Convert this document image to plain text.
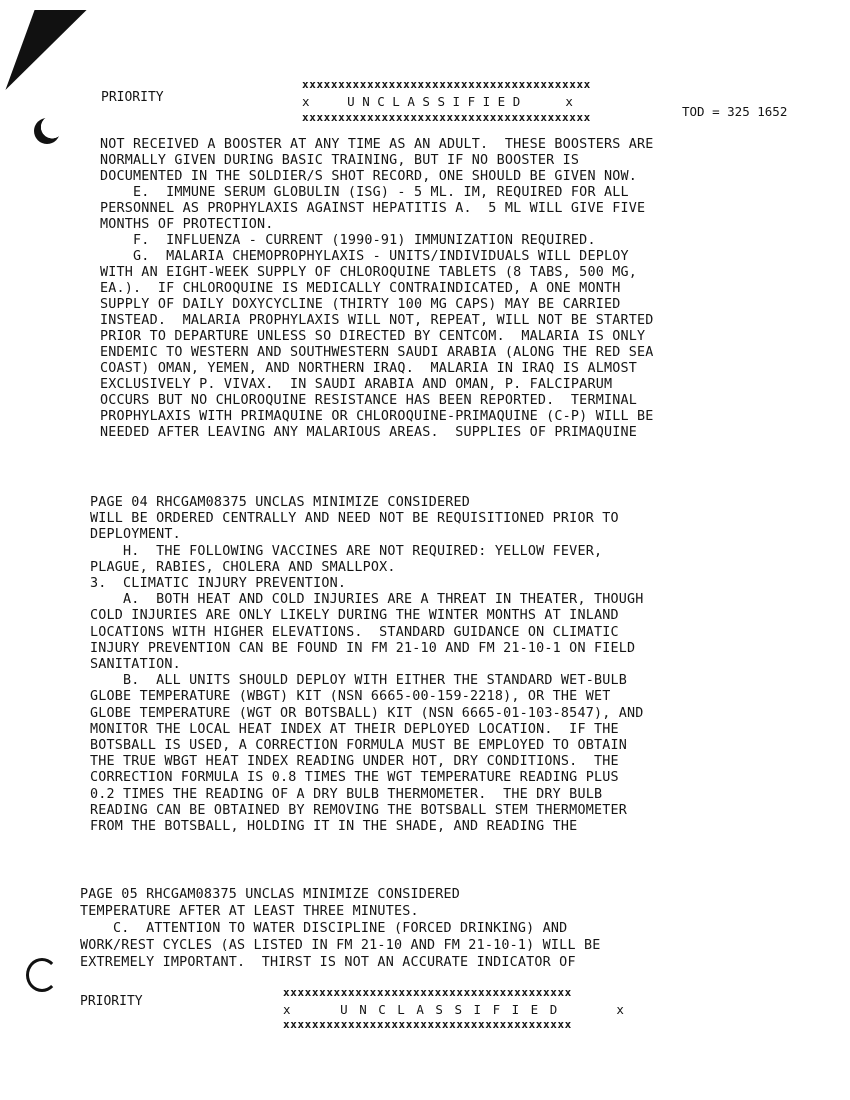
PRIORITY
xxxxxxxxxxxxxxxxxxxxxxxxxxxxxxxxxxxxxxxx
x     U N C L A S S I F I E D      x
xxxxxxxxxxxxxxxxxxxxxxxxxxxxxxxxxxxxxxxx	TOD = 325 1652
NOT RECEIVED A BOOSTER AT ANY TIME AS AN ADULT.  THESE BOOSTERS ARE
NORMALLY GIVEN DURING BASIC TRAINING, BUT IF NO BOOSTER IS
DOCUMENTED IN THE SOLDIER/S SHOT RECORD, ONE SHOULD BE GIVEN NOW.
E.  IMMUNE SERUM GLOBULIN (ISG) - 5 ML. IM, REQUIRED FOR ALL
PERSONNEL AS PROPHYLAXIS AGAINST HEPATITIS A.  5 ML WILL GIVE FIVE
MONTHS OF PROTECTION.
F.  INFLUENZA - CURRENT (1990-91) IMMUNIZATION REQUIRED.
G.  MALARIA CHEMOPROPHYLAXIS - UNITS/INDIVIDUALS WILL DEPLOY
WITH AN EIGHT-WEEK SUPPLY OF CHLOROQUINE TABLETS (8 TABS, 500 MG,
EA.).  IF CHLOROQUINE IS MEDICALLY CONTRAINDICATED, A ONE MONTH
SUPPLY OF DAILY DOXYCYCLINE (THIRTY 100 MG CAPS) MAY BE CARRIED
INSTEAD.  MALARIA PROPHYLAXIS WILL NOT, REPEAT, WILL NOT BE STARTED
PRIOR TO DEPARTURE UNLESS SO DIRECTED BY CENTCOM.  MALARIA IS ONLY
ENDEMIC TO WESTERN AND SOUTHWESTERN SAUDI ARABIA (ALONG THE RED SEA
COAST) OMAN, YEMEN, AND NORTHERN IRAQ.  MALARIA IN IRAQ IS ALMOST
EXCLUSIVELY P. VIVAX.  IN SAUDI ARABIA AND OMAN, P. FALCIPARUM
OCCURS BUT NO CHLOROQUINE RESISTANCE HAS BEEN REPORTED.  TERMINAL
PROPHYLAXIS WITH PRIMAQUINE OR CHLOROQUINE-PRIMAQUINE (C-P) WILL BE
NEEDED AFTER LEAVING ANY MALARIOUS AREAS.  SUPPLIES OF PRIMAQUINE
PAGE 04 RHCGAM08375 UNCLAS MINIMIZE CONSIDERED
WILL BE ORDERED CENTRALLY AND NEED NOT BE REQUISITIONED PRIOR TO
DEPLOYMENT.
H.  THE FOLLOWING VACCINES ARE NOT REQUIRED: YELLOW FEVER,
PLAGUE, RABIES, CHOLERA AND SMALLPOX.
3.  CLIMATIC INJURY PREVENTION.
A.  BOTH HEAT AND COLD INJURIES ARE A THREAT IN THEATER, THOUGH
COLD INJURIES ARE ONLY LIKELY DURING THE WINTER MONTHS AT INLAND
LOCATIONS WITH HIGHER ELEVATIONS.  STANDARD GUIDANCE ON CLIMATIC
INJURY PREVENTION CAN BE FOUND IN FM 21-10 AND FM 21-10-1 ON FIELD
SANITATION.
B.  ALL UNITS SHOULD DEPLOY WITH EITHER THE STANDARD WET-BULB
GLOBE TEMPERATURE (WBGT) KIT (NSN 6665-00-159-2218), OR THE WET
GLOBE TEMPERATURE (WGT OR BOTSBALL) KIT (NSN 6665-01-103-8547), AND
MONITOR THE LOCAL HEAT INDEX AT THEIR DEPLOYED LOCATION.  IF THE
BOTSBALL IS USED, A CORRECTION FORMULA MUST BE EMPLOYED TO OBTAIN
THE TRUE WBGT HEAT INDEX READING UNDER HOT, DRY CONDITIONS.  THE
CORRECTION FORMULA IS 0.8 TIMES THE WGT TEMPERATURE READING PLUS
0.2 TIMES THE READING OF A DRY BULB THERMOMETER.  THE DRY BULB
READING CAN BE OBTAINED BY REMOVING THE BOTSBALL STEM THERMOMETER
FROM THE BOTSBALL, HOLDING IT IN THE SHADE, AND READING THE
PAGE 05 RHCGAM08375 UNCLAS MINIMIZE CONSIDERED
TEMPERATURE AFTER AT LEAST THREE MINUTES.
C.  ATTENTION TO WATER DISCIPLINE (FORCED DRINKING) AND
WORK/REST CYCLES (AS LISTED IN FM 21-10 AND FM 21-10-1) WILL BE
EXTREMELY IMPORTANT.  THIRST IS NOT AN ACCURATE INDICATOR OF
PRIORITY
xxxxxxxxxxxxxxxxxxxxxxxxxxxxxxxxxxxxxxxx
x     U N C L A S S I F I E D      x
xxxxxxxxxxxxxxxxxxxxxxxxxxxxxxxxxxxxxxxx
